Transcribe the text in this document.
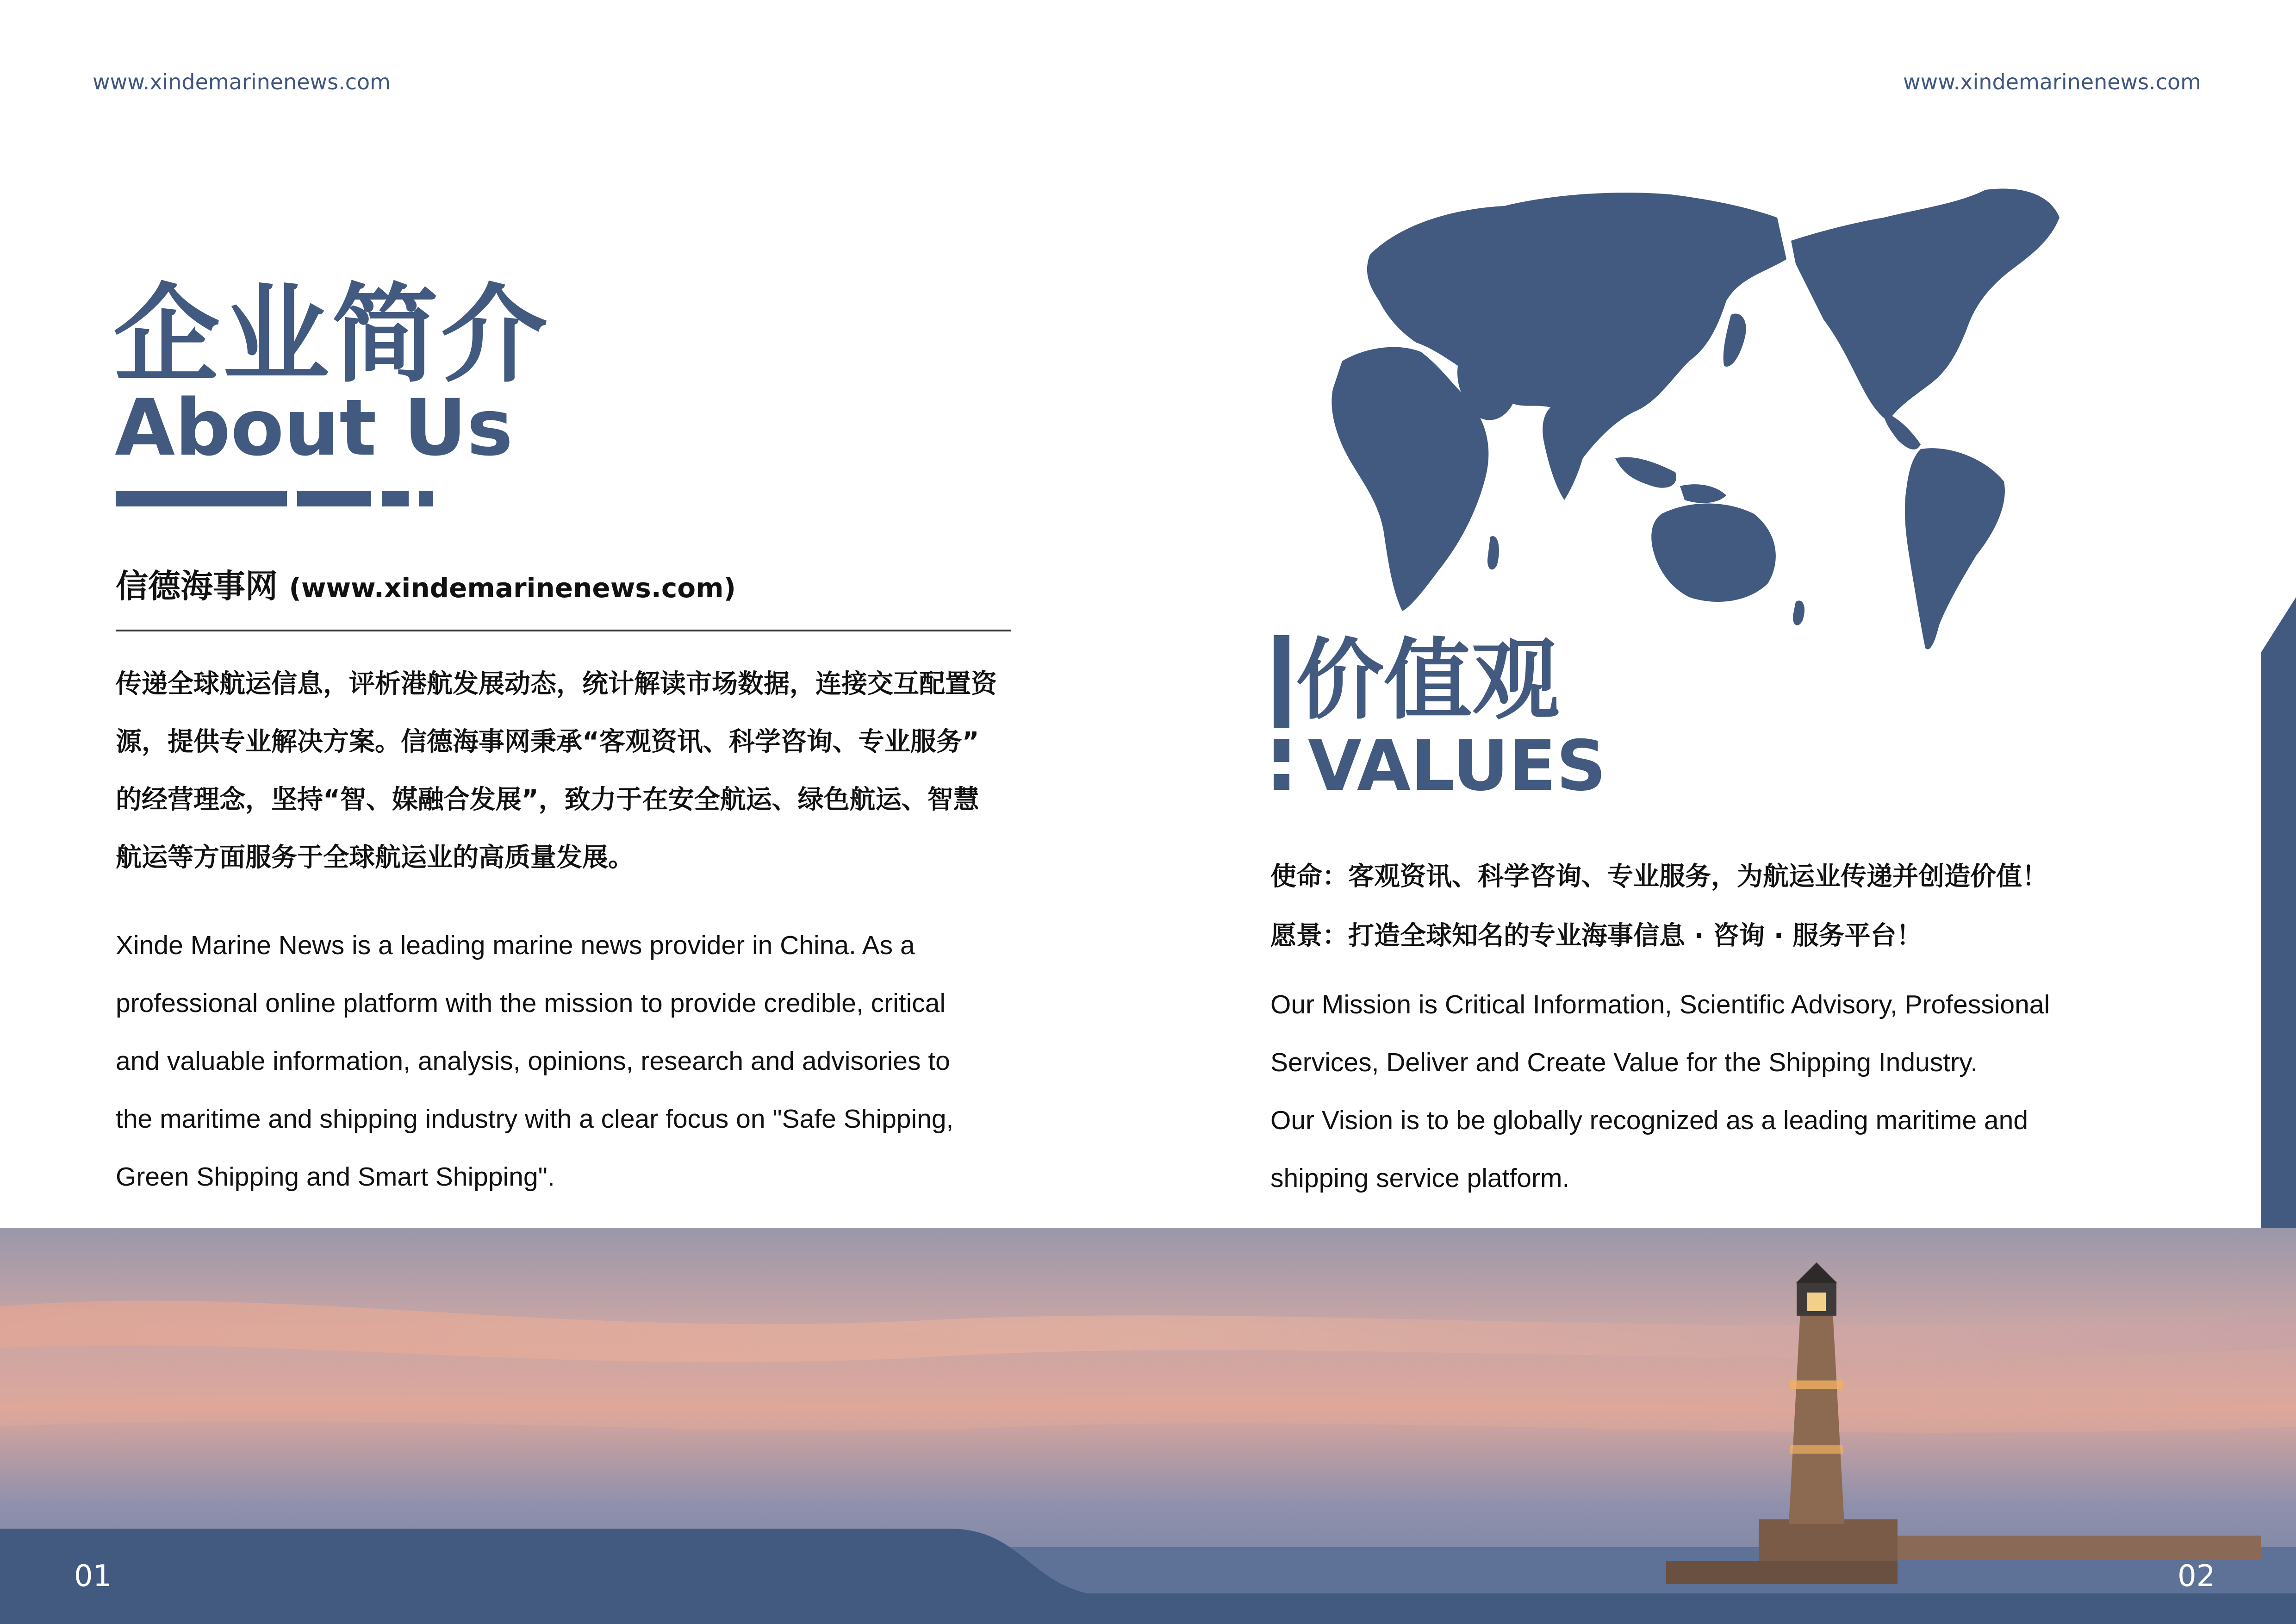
www.xindemarinenews.com	www.xindemarinenews.com
企业简介
About Us
信德海事网 (www.xindemarinenews.com)
传递全球航运信息，评析港航发展动态，统计解读市场数据，连接交互配置资
源，提供专业解决方案。信德海事网秉承“客观资讯、科学咨询、专业服务”
的经营理念，坚持“智、媒融合发展”，致力于在安全航运、绿色航运、智慧
航运等方面服务于全球航运业的高质量发展。
Xinde Marine News is a leading marine news provider in China. As a
professional online platform with the mission to provide credible, critical
and valuable information, analysis, opinions, research and advisories to
the maritime and shipping industry with a clear focus on "Safe Shipping,
Green Shipping and Smart Shipping".
价值观
VALUES
使命：客观资讯、科学咨询、专业服务，为航运业传递并创造价值！
愿景：打造全球知名的专业海事信息 · 咨询 · 服务平台！
Our Mission is Critical Information, Scientific Advisory, Professional
Services, Deliver and Create Value for the Shipping Industry.
Our Vision is to be globally recognized as a leading maritime and
shipping service platform.
01	02
